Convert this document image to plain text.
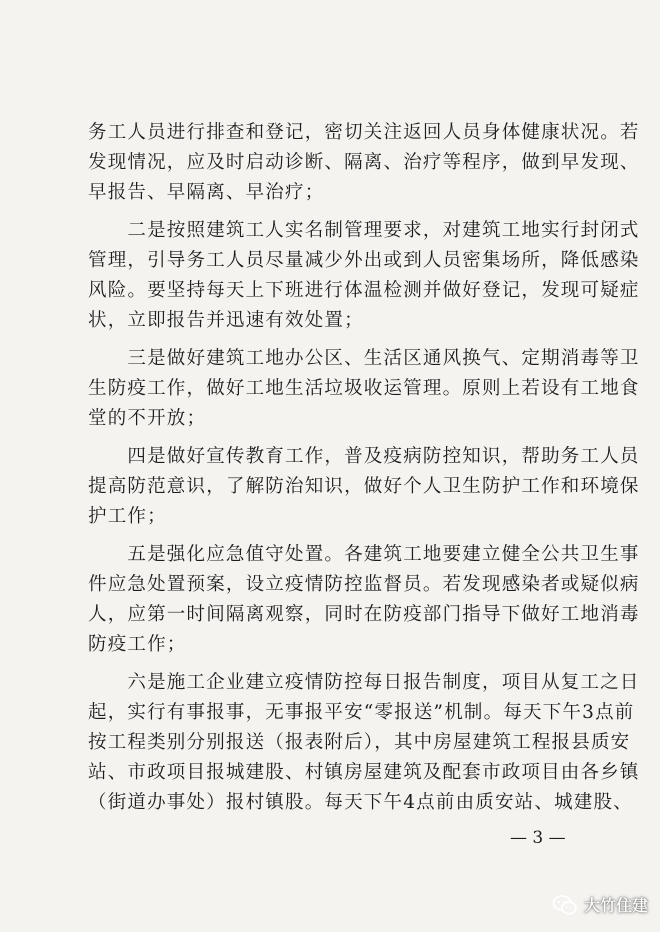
务工人员进行排查和登记，密切关注返回人员身体健康状况。若
发现情况，应及时启动诊断、隔离、治疗等程序，做到早发现、
早报告、早隔离、早治疗；
　　二是按照建筑工人实名制管理要求，对建筑工地实行封闭式
管理，引导务工人员尽量减少外出或到人员密集场所，降低感染
风险。要坚持每天上下班进行体温检测并做好登记，发现可疑症
状，立即报告并迅速有效处置；
　　三是做好建筑工地办公区、生活区通风换气、定期消毒等卫
生防疫工作，做好工地生活垃圾收运管理。原则上若设有工地食
堂的不开放；
　　四是做好宣传教育工作，普及疫病防控知识，帮助务工人员
提高防范意识，了解防治知识，做好个人卫生防护工作和环境保
护工作；
　　五是强化应急值守处置。各建筑工地要建立健全公共卫生事
件应急处置预案，设立疫情防控监督员。若发现感染者或疑似病
人，应第一时间隔离观察，同时在防疫部门指导下做好工地消毒
防疫工作；
　　六是施工企业建立疫情防控每日报告制度，项目从复工之日
起，实行有事报事，无事报平安“零报送”机制。每天下午3点前
按工程类别分别报送（报表附后），其中房屋建筑工程报县质安
站、市政项目报城建股、村镇房屋建筑及配套市政项目由各乡镇
（街道办事处）报村镇股。每天下午4点前由质安站、城建股、
— 3 —
大竹住建
